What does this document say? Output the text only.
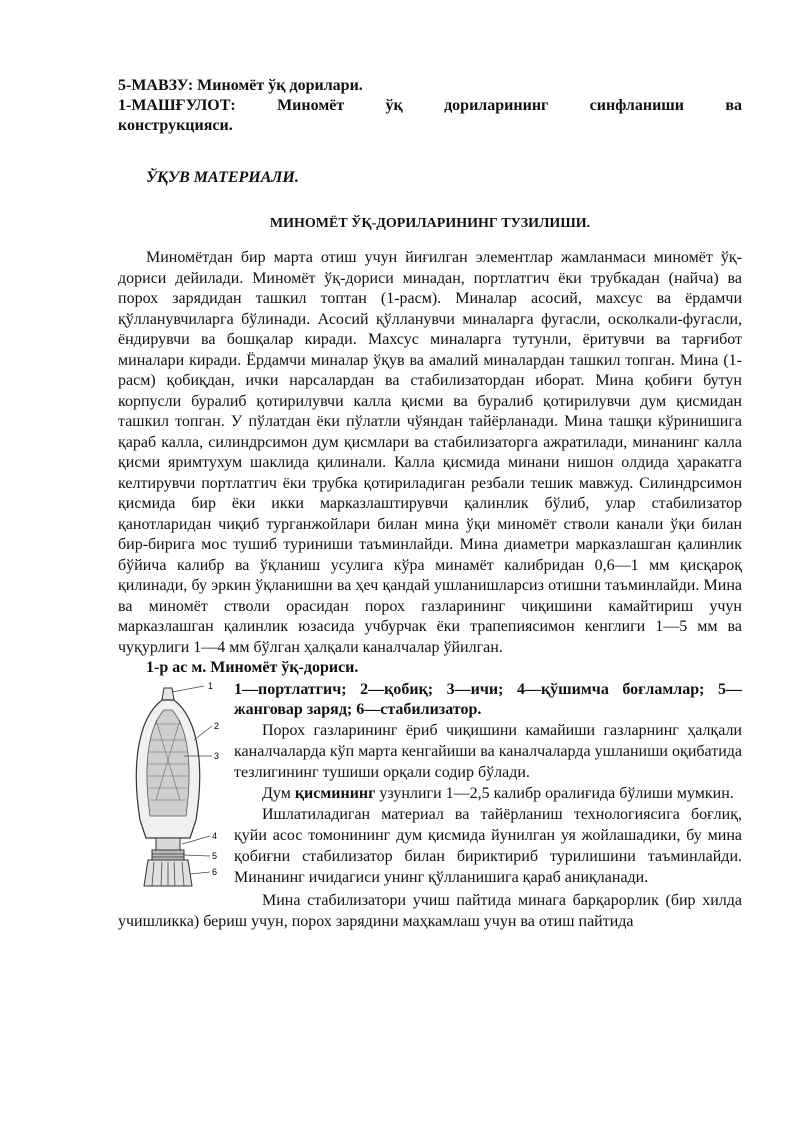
5-МАВЗУ: Миномёт ўқ дорилари.
1-МАШҒУЛОТ: Миномёт ўқ дориларининг синфланиши ва
конструкцияси.
ЎҚУВ МАТЕРИАЛИ.
МИНОМЁТ ЎҚ-ДОРИЛАРИНИНГ ТУЗИЛИШИ.

Миномётдан бир марта отиш учун йиғилган элементлар жамланмаси миномёт ўқ-дориси дейилади. Миномёт ўқ-дориси минадан, портлатгич ёки трубкадан (найча) ва порох зарядидан ташкил топтан (1-расм). Миналар асосий, махсус ва ёрдамчи қўлланувчиларга бўлинади. Асосий қўлланувчи миналарга фугасли, осколкали-фугасли, ёндирувчи ва бошқалар киради. Махсус миналарга тутунли, ёритувчи ва тарғибот миналари киради. Ёрдамчи миналар ўқув ва амалий миналардан ташкил топган. Мина (1-расм) қобиқдан, ички нарсалардан ва стабилизатордан иборат. Мина қобиғи бутун корпусли буралиб қотирилувчи калла қисми ва буралиб қотирилувчи дум қисмидан ташкил топган. У пўлатдан ёки пўлатли чўяндан тайёрланади. Мина ташқи кўринишига қараб калла, силиндрсимон дум қисмлари ва стабилизаторга ажратилади, минанинг калла қисми яримтухум шаклида қилинали. Калла қисмида минани нишон олдида ҳаракатга келтирувчи портлатгич ёки трубка қотириладиган резбали тешик мавжуд. Силиндрсимон қисмида бир ёки икки марказлаштирувчи қалинлик бўлиб, улар стабилизатор қанотларидан чиқиб турганжойлари билан мина ўқи миномёт стволи канали ўқи билан бир-бирига мос тушиб туриниши таъминлайди. Мина диаметри марказлашган қалинлик бўйича калибр ва ўқланиш усулига кўра минамёт калибридан 0,6—1 мм қисқароқ қилинади, бу эркин ўқланишни ва ҳеч қандай ушланишларсиз отишни таъминлайди. Мина ва миномёт стволи орасидан порох газларининг чиқишини камайтириш учун марказлашган қалинлик юзасида учбурчак ёки трапепиясимон кенглиги 1—5 мм ва чуқурлиги 1—4 мм бўлган ҳалқали каналчалар ўйилган.

1-р ас м. Миномёт ўқ-дориси.
1
2
3
4
5
6
1—портлатгич; 2—қобиқ; 3—ичи; 4—қўшимча боғламлар; 5—жанговар заряд; 6—стабилизатор.

Порох газларининг ёриб чиқишини камайиши газларнинг ҳалқали каналчаларда кўп марта кенгайиши ва каналчаларда ушланиши оқибатида тезлигининг тушиши орқали содир бўлади.

Дум қисмининг узунлиги 1—2,5 калибр оралиғида бўлиши мумкин.

Ишлатиладиган материал ва тайёрланиш технологиясига боғлиқ, қуйи асос томонининг дум қисмида йунилган уя жойлашадики, бу мина қобиғни стабилизатор билан бириктириб турилишини таъминлайди. Минанинг ичидагиси унинг қўлланишига қараб аниқланади.

Мина стабилизатори учиш пайтида минага барқарорлик (бир хилда учишликка) бериш учун, порох зарядини маҳкамлаш учун ва отиш пайтида
